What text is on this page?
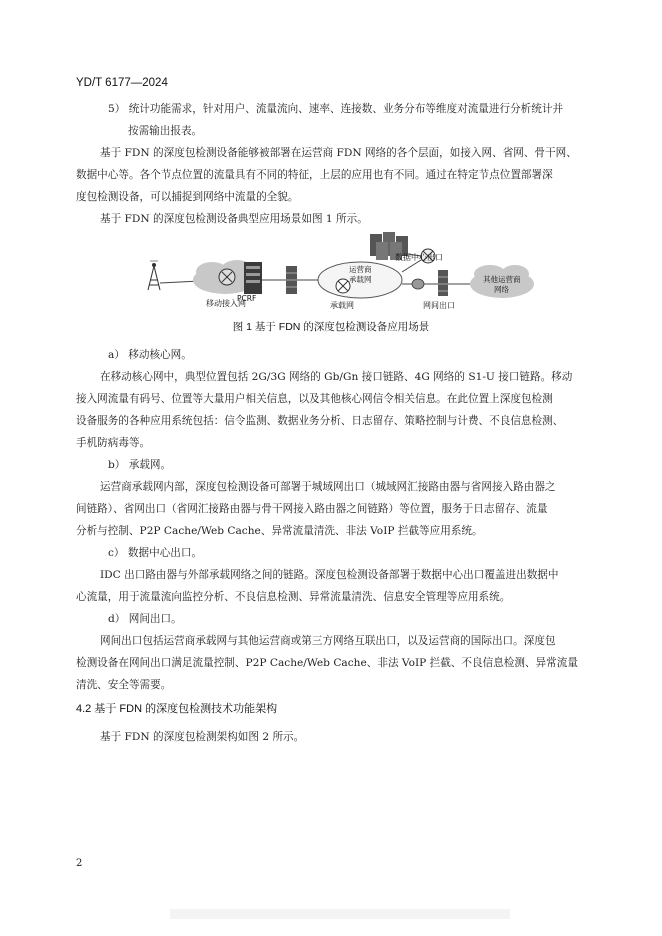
YD/T 6177—2024
5） 统计功能需求，针对用户、流量流向、速率、连接数、业务分布等维度对流量进行分析统计并
按需输出报表。
基于 FDN 的深度包检测设备能够被部署在运营商 FDN 网络的各个层面，如接入网、省网、骨干网、
数据中心等。各个节点位置的流量具有不同的特征，上层的应用也有不同。通过在特定节点位置部署深
度包检测设备，可以捕捉到网络中流量的全貌。
基于 FDN 的深度包检测设备典型应用场景如图 1 所示。
移动接入网
PCRF
运营商
承载网
承载网
数据中心出口
网间出口
其他运营商
网络
图 1 基于 FDN 的深度包检测设备应用场景
a） 移动核心网。
在移动核心网中，典型位置包括 2G/3G 网络的 Gb/Gn 接口链路、4G 网络的 S1-U 接口链路。移动
接入网流量有码号、位置等大量用户相关信息，以及其他核心网信令相关信息。在此位置上深度包检测
设备服务的各种应用系统包括：信令监测、数据业务分析、日志留存、策略控制与计费、不良信息检测、
手机防病毒等。
b） 承载网。
运营商承载网内部，深度包检测设备可部署于城域网出口（城域网汇接路由器与省网接入路由器之
间链路）、省网出口（省网汇接路由器与骨干网接入路由器之间链路）等位置，服务于日志留存、流量
分析与控制、P2P Cache/Web Cache、异常流量清洗、非法 VoIP 拦截等应用系统。
c） 数据中心出口。
IDC 出口路由器与外部承载网络之间的链路。深度包检测设备部署于数据中心出口覆盖进出数据中
心流量，用于流量流向监控分析、不良信息检测、异常流量清洗、信息安全管理等应用系统。
d） 网间出口。
网间出口包括运营商承载网与其他运营商或第三方网络互联出口，以及运营商的国际出口。深度包
检测设备在网间出口满足流量控制、P2P Cache/Web Cache、非法 VoIP 拦截、不良信息检测、异常流量
清洗、安全等需要。
4.2 基于 FDN 的深度包检测技术功能架构
基于 FDN 的深度包检测架构如图 2 所示。
2
